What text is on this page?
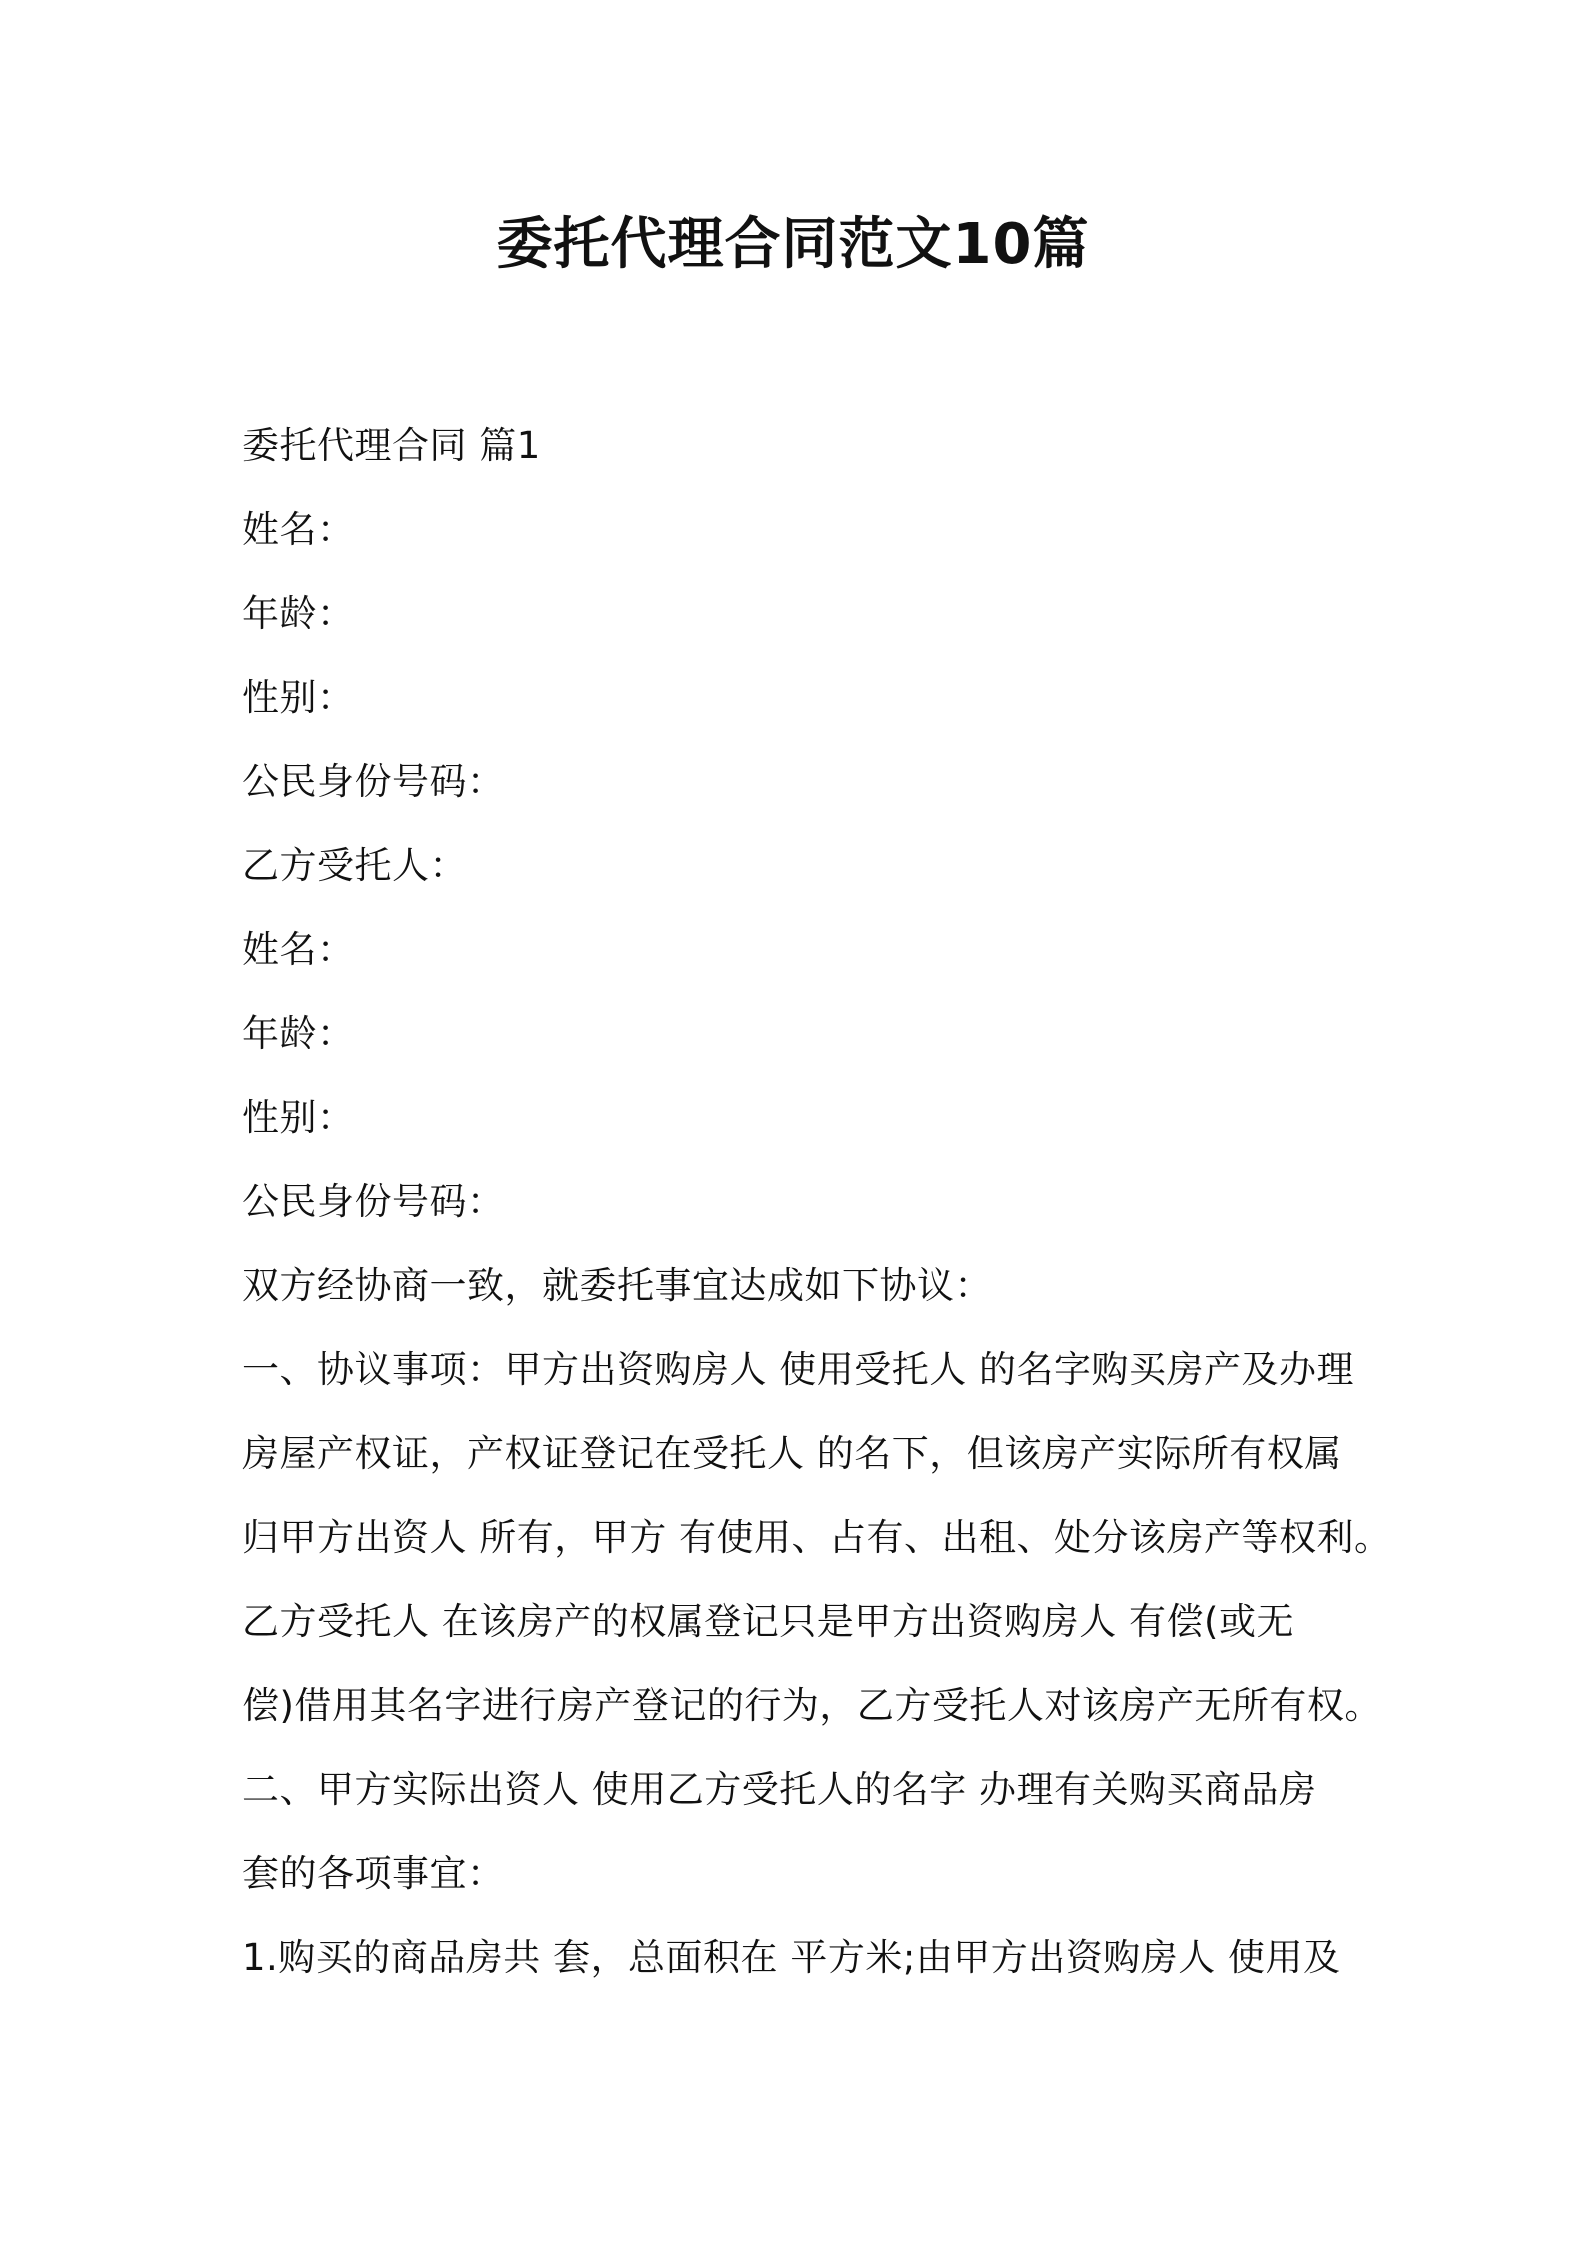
委托代理合同范文10篇
委托代理合同 篇1
姓名：
年龄：
性别：
公民身份号码：
乙方受托人：
姓名：
年龄：
性别：
公民身份号码：
双方经协商一致，就委托事宜达成如下协议：
一、协议事项：甲方出资购房人 使用受托人 的名字购买房产及办理
房屋产权证，产权证登记在受托人 的名下，但该房产实际所有权属
归甲方出资人 所有，甲方 有使用、占有、出租、处分该房产等权利。
乙方受托人 在该房产的权属登记只是甲方出资购房人 有偿(或无
偿)借用其名字进行房产登记的行为，乙方受托人对该房产无所有权。
二、甲方实际出资人 使用乙方受托人的名字 办理有关购买商品房
套的各项事宜：
1.购买的商品房共 套，总面积在 平方米;由甲方出资购房人 使用及
